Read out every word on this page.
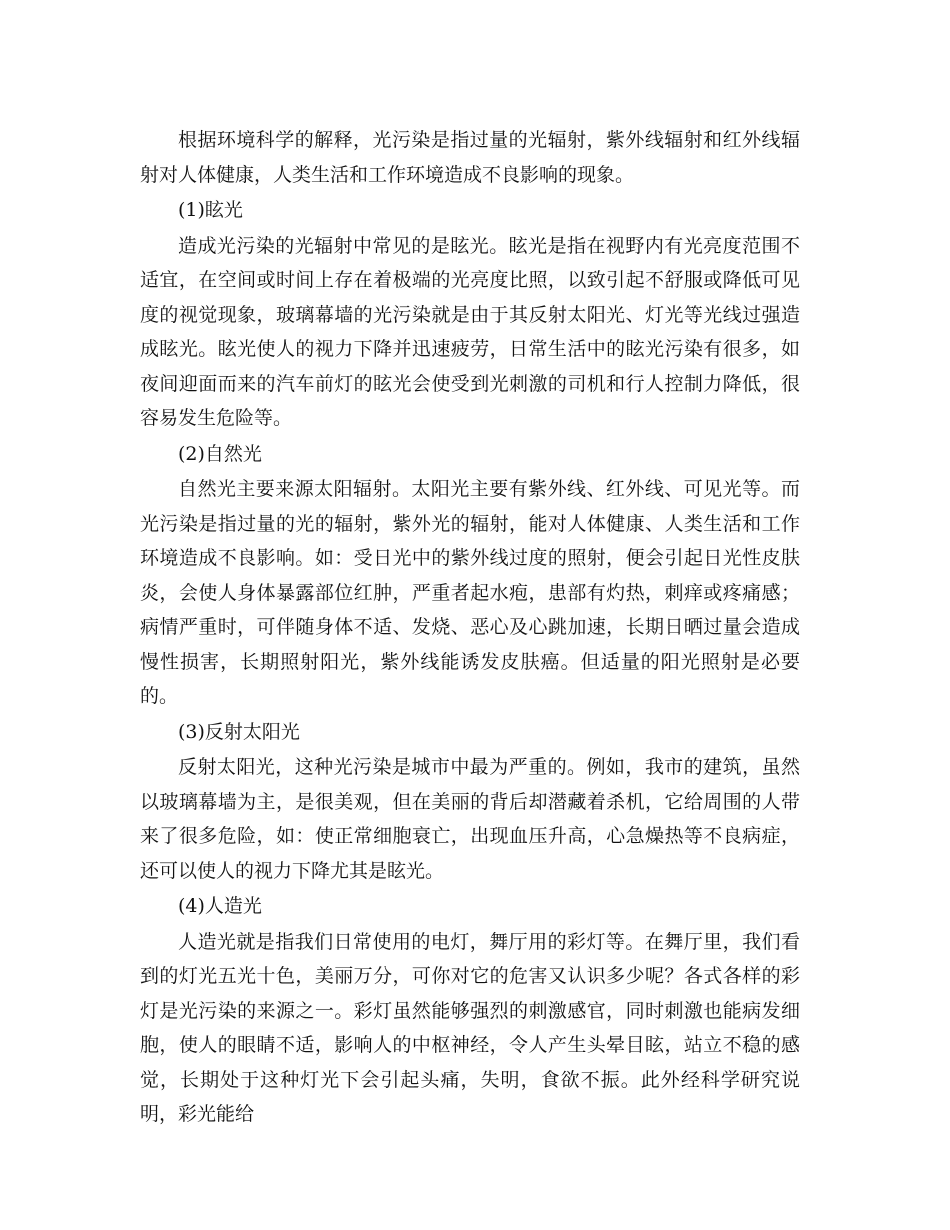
根据环境科学的解释，光污染是指过量的光辐射，紫外线辐射和红外线辐射对人体健康，人类生活和工作环境造成不良影响的现象。

(1)眩光

造成光污染的光辐射中常见的是眩光。眩光是指在视野内有光亮度范围不适宜，在空间或时间上存在着极端的光亮度比照，以致引起不舒服或降低可见度的视觉现象，玻璃幕墙的光污染就是由于其反射太阳光、灯光等光线过强造成眩光。眩光使人的视力下降并迅速疲劳，日常生活中的眩光污染有很多，如夜间迎面而来的汽车前灯的眩光会使受到光刺激的司机和行人控制力降低，很容易发生危险等。

(2)自然光

自然光主要来源太阳辐射。太阳光主要有紫外线、红外线、可见光等。而光污染是指过量的光的辐射，紫外光的辐射，能对人体健康、人类生活和工作环境造成不良影响。如：受日光中的紫外线过度的照射，便会引起日光性皮肤炎，会使人身体暴露部位红肿，严重者起水疱，患部有灼热，刺痒或疼痛感；病情严重时，可伴随身体不适、发烧、恶心及心跳加速，长期日晒过量会造成慢性损害，长期照射阳光，紫外线能诱发皮肤癌。但适量的阳光照射是必要的。

(3)反射太阳光

反射太阳光，这种光污染是城市中最为严重的。例如，我市的建筑，虽然以玻璃幕墙为主，是很美观，但在美丽的背后却潜藏着杀机，它给周围的人带来了很多危险，如：使正常细胞衰亡，出现血压升高，心急燥热等不良病症，还可以使人的视力下降尤其是眩光。

(4)人造光

人造光就是指我们日常使用的电灯，舞厅用的彩灯等。在舞厅里，我们看到的灯光五光十色，美丽万分，可你对它的危害又认识多少呢？各式各样的彩灯是光污染的来源之一。彩灯虽然能够强烈的刺激感官，同时刺激也能病发细胞，使人的眼睛不适，影响人的中枢神经，令人产生头晕目眩，站立不稳的感觉，长期处于这种灯光下会引起头痛，失明，食欲不振。此外经科学研究说明，彩光能给
